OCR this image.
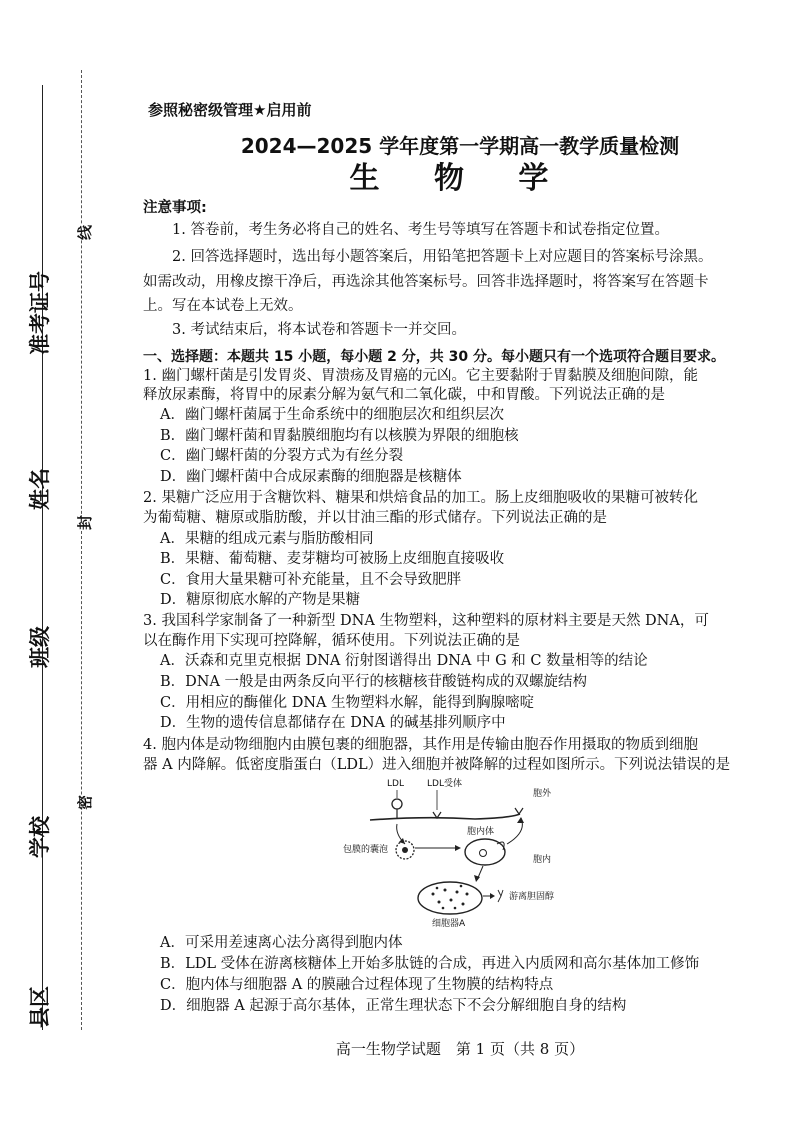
准考证号
姓名
班级
学校
县区
线
封
密
参照秘密级管理★启用前
2024—2025 学年度第一学期高一教学质量检测
生 物 学
注意事项:
1. 答卷前，考生务必将自己的姓名、考生号等填写在答题卡和试卷指定位置。
2. 回答选择题时，选出每小题答案后，用铅笔把答题卡上对应题目的答案标号涂黑。
如需改动，用橡皮擦干净后，再选涂其他答案标号。回答非选择题时，将答案写在答题卡
上。写在本试卷上无效。
3. 考试结束后，将本试卷和答题卡一并交回。
一、选择题：本题共 15 小题，每小题 2 分，共 30 分。每小题只有一个选项符合题目要求。
1. 幽门螺杆菌是引发胃炎、胃溃疡及胃癌的元凶。它主要黏附于胃黏膜及细胞间隙，能
释放尿素酶，将胃中的尿素分解为氨气和二氧化碳，中和胃酸。下列说法正确的是
A．幽门螺杆菌属于生命系统中的细胞层次和组织层次
B．幽门螺杆菌和胃黏膜细胞均有以核膜为界限的细胞核
C．幽门螺杆菌的分裂方式为有丝分裂
D．幽门螺杆菌中合成尿素酶的细胞器是核糖体
2. 果糖广泛应用于含糖饮料、糖果和烘焙食品的加工。肠上皮细胞吸收的果糖可被转化
为葡萄糖、糖原或脂肪酸，并以甘油三酯的形式储存。下列说法正确的是
A．果糖的组成元素与脂肪酸相同
B．果糖、葡萄糖、麦芽糖均可被肠上皮细胞直接吸收
C．食用大量果糖可补充能量，且不会导致肥胖
D．糖原彻底水解的产物是果糖
3. 我国科学家制备了一种新型 DNA 生物塑料，这种塑料的原材料主要是天然 DNA，可
以在酶作用下实现可控降解，循环使用。下列说法正确的是
A．沃森和克里克根据 DNA 衍射图谱得出 DNA 中 G 和 C 数量相等的结论
B．DNA 一般是由两条反向平行的核糖核苷酸链构成的双螺旋结构
C．用相应的酶催化 DNA 生物塑料水解，能得到胸腺嘧啶
D．生物的遗传信息都储存在 DNA 的碱基排列顺序中
4. 胞内体是动物细胞内由膜包裹的细胞器，其作用是传输由胞吞作用摄取的物质到细胞
器 A 内降解。低密度脂蛋白（LDL）进入细胞并被降解的过程如图所示。下列说法错误的是
LDL	LDL受体
胞外
胞内
包膜的囊泡
胞内体
细胞器A
游离胆固醇
A．可采用差速离心法分离得到胞内体
B．LDL 受体在游离核糖体上开始多肽链的合成，再进入内质网和高尔基体加工修饰
C．胞内体与细胞器 A 的膜融合过程体现了生物膜的结构特点
D．细胞器 A 起源于高尔基体，正常生理状态下不会分解细胞自身的结构
高一生物学试题　第 1 页（共 8 页）
